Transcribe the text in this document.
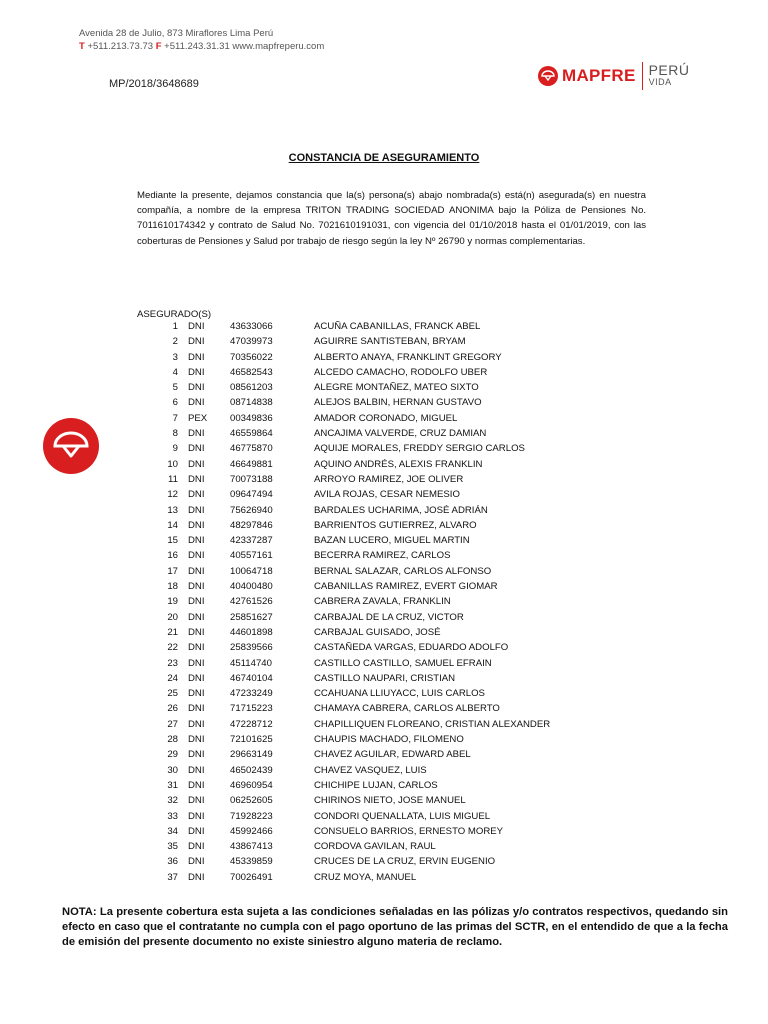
Avenida 28 de Julio, 873 Miraflores Lima Perú
T +511.213.73.73 F +511.243.31.31 www.mapfreperu.com
MP/2018/3648689	MAPFRE PERÚ
VIDA
CONSTANCIA DE ASEGURAMIENTO
Mediante la presente, dejamos constancia que la(s) persona(s) abajo nombrada(s) está(n) asegurada(s) en nuestra compañía, a nombre de la empresa TRITON TRADING SOCIEDAD ANONIMA bajo la Póliza de Pensiones No. 7011610174342 y contrato de Salud No. 7021610191031, con vigencia del 01/10/2018 hasta el 01/01/2019, con las coberturas de Pensiones y Salud por trabajo de riesgo según la ley Nº 26790 y normas complementarias.
ASEGURADO(S)
1 DNI	43633066	ACUÑA CABANILLAS, FRANCK ABEL
2 DNI	47039973	AGUIRRE SANTISTEBAN, BRYAM
3 DNI	70356022	ALBERTO ANAYA, FRANKLINT GREGORY
4 DNI	46582543	ALCEDO CAMACHO, RODOLFO UBER
5 DNI	08561203	ALEGRE MONTAÑEZ, MATEO SIXTO
6 DNI	08714838	ALEJOS BALBIN, HERNAN GUSTAVO
7 PEX 00349836	AMADOR CORONADO, MIGUEL
8 DNI	46559864	ANCAJIMA VALVERDE, CRUZ DAMIAN
9 DNI	46775870	AQUIJE MORALES, FREDDY SERGIO CARLOS
10 DNI	46649881	AQUINO ANDRÉS, ALEXIS FRANKLIN
11 DNI	70073188	ARROYO RAMIREZ, JOE OLIVER
12 DNI	09647494	AVILA ROJAS, CESAR NEMESIO
13 DNI	75626940	BARDALES UCHARIMA, JOSÉ ADRIÁN
14 DNI	48297846	BARRIENTOS GUTIERREZ, ALVARO
15 DNI	42337287	BAZAN LUCERO, MIGUEL MARTIN
16 DNI	40557161	BECERRA RAMIREZ, CARLOS
17 DNI	10064718	BERNAL SALAZAR, CARLOS ALFONSO
18 DNI	40400480	CABANILLAS RAMIREZ, EVERT GIOMAR
19 DNI	42761526	CABRERA ZAVALA, FRANKLIN
20 DNI	25851627	CARBAJAL DE LA CRUZ, VICTOR
21 DNI	44601898	CARBAJAL GUISADO, JOSÉ
22 DNI	25839566	CASTAÑEDA VARGAS, EDUARDO ADOLFO
23 DNI	45114740	CASTILLO CASTILLO, SAMUEL EFRAIN
24 DNI	46740104	CASTILLO NAUPARI, CRISTIAN
25 DNI	47233249	CCAHUANA LLIUYACC, LUIS CARLOS
26 DNI	71715223	CHAMAYA CABRERA, CARLOS ALBERTO
27 DNI	47228712	CHAPILLIQUEN FLOREANO, CRISTIAN ALEXANDER
28 DNI	72101625	CHAUPIS MACHADO, FILOMENO
29 DNI	29663149	CHAVEZ AGUILAR, EDWARD ABEL
30 DNI	46502439	CHAVEZ VASQUEZ, LUIS
31 DNI	46960954	CHICHIPE LUJAN, CARLOS
32 DNI	06252605	CHIRINOS NIETO, JOSE MANUEL
33 DNI	71928223	CONDORI QUENALLATA, LUIS MIGUEL
34 DNI	45992466	CONSUELO BARRIOS, ERNESTO MOREY
35 DNI	43867413	CORDOVA GAVILAN, RAUL
36 DNI	45339859	CRUCES DE LA CRUZ, ERVIN EUGENIO
37 DNI	70026491	CRUZ MOYA, MANUEL
NOTA: La presente cobertura esta sujeta a las condiciones señaladas en las pólizas y/o contratos respectivos, quedando sin efecto en caso que el contratante no cumpla con el pago oportuno de las primas del SCTR, en el entendido de que a la fecha de emisión del presente documento no existe siniestro alguno materia de reclamo.
